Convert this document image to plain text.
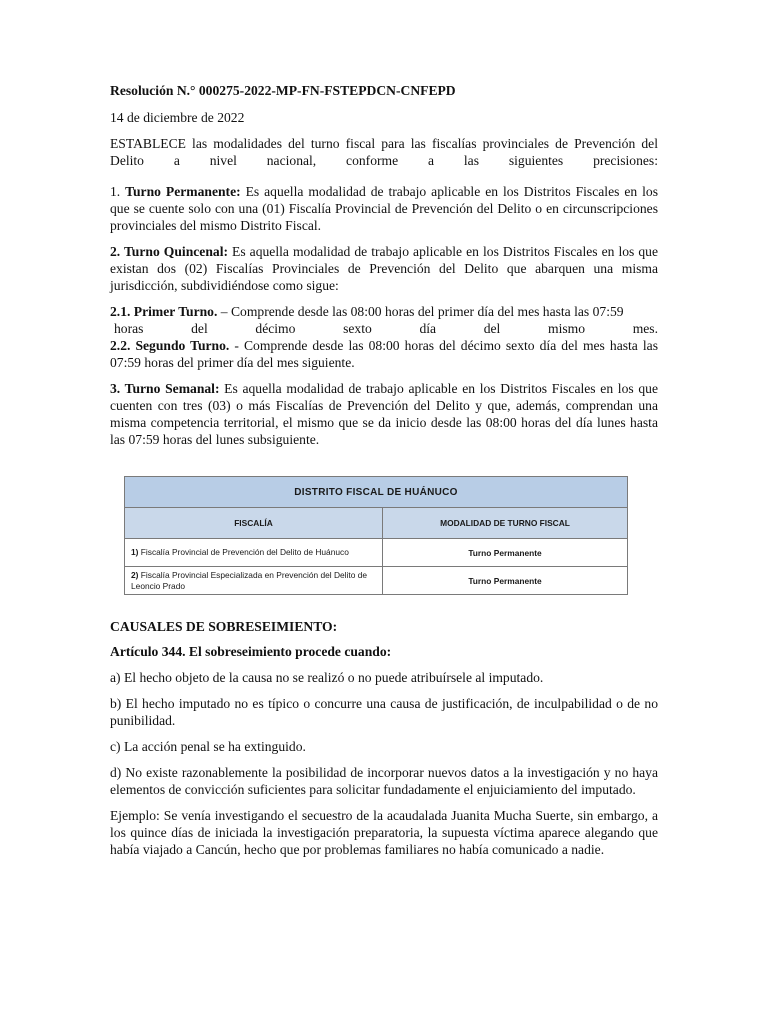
Resolución N.° 000275-2022-MP-FN-FSTEPDCN-CNFEPD
14 de diciembre de 2022
ESTABLECE las modalidades del turno fiscal para las fiscalías provinciales de Prevención del
Delito a nivel nacional, conforme a las siguientes precisiones:
1. Turno Permanente: Es aquella modalidad de trabajo aplicable en los Distritos Fiscales en los que se cuente solo con una (01) Fiscalía Provincial de Prevención del Delito o en circunscripciones provinciales del mismo Distrito Fiscal.
2. Turno Quincenal: Es aquella modalidad de trabajo aplicable en los Distritos Fiscales en los que existan dos (02) Fiscalías Provinciales de Prevención del Delito que abarquen una misma jurisdicción, subdividiéndose como sigue:
2.1. Primer Turno. – Comprende desde las 08:00 horas del primer día del mes hasta las 07:59
horas del décimo sexto día del mismo mes.
2.2. Segundo Turno. - Comprende desde las 08:00 horas del décimo sexto día del mes hasta las 07:59 horas del primer día del mes siguiente.
3. Turno Semanal: Es aquella modalidad de trabajo aplicable en los Distritos Fiscales en los que cuenten con tres (03) o más Fiscalías de Prevención del Delito y que, además, comprendan una misma competencia territorial, el mismo que se da inicio desde las 08:00 horas del día lunes hasta las 07:59 horas del lunes subsiguiente.
DISTRITO FISCAL DE HUÁNUCO	
FISCALÍA	MODALIDAD DE TURNO FISCAL
1) Fiscalía Provincial de Prevención del Delito de Huánuco	Turno Permanente
2) Fiscalía Provincial Especializada en Prevención del Delito de Leoncio Prado	Turno Permanente
CAUSALES DE SOBRESEIMIENTO:
Artículo 344. El sobreseimiento procede cuando:
a) El hecho objeto de la causa no se realizó o no puede atribuírsele al imputado.
b) El hecho imputado no es típico o concurre una causa de justificación, de inculpabilidad o de no punibilidad.
c) La acción penal se ha extinguido.
d) No existe razonablemente la posibilidad de incorporar nuevos datos a la investigación y no haya elementos de convicción suficientes para solicitar fundadamente el enjuiciamiento del imputado.
Ejemplo: Se venía investigando el secuestro de la acaudalada Juanita Mucha Suerte, sin embargo, a los quince días de iniciada la investigación preparatoria, la supuesta víctima aparece alegando que había viajado a Cancún, hecho que por problemas familiares no había comunicado a nadie.
